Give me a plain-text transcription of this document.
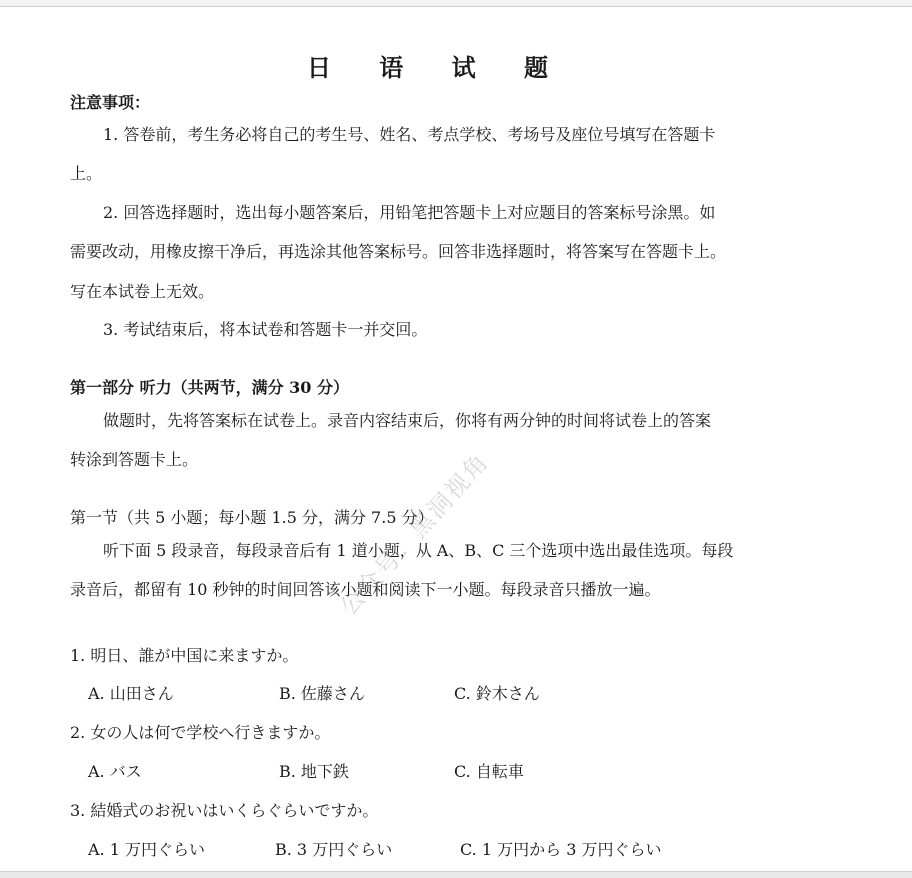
日 语 试 题
注意事项：
1. 答卷前，考生务必将自己的考生号、姓名、考点学校、考场号及座位号填写在答题卡
上。
2. 回答选择题时，选出每小题答案后，用铅笔把答题卡上对应题目的答案标号涂黑。如
需要改动，用橡皮擦干净后，再选涂其他答案标号。回答非选择题时，将答案写在答题卡上。
写在本试卷上无效。
3. 考试结束后，将本试卷和答题卡一并交回。
第一部分 听力（共两节，满分 30 分）
做题时，先将答案标在试卷上。录音内容结束后，你将有两分钟的时间将试卷上的答案
转涂到答题卡上。
第一节（共 5 小题；每小题 1.5 分，满分 7.5 分）
听下面 5 段录音，每段录音后有 1 道小题，从 A、B、C 三个选项中选出最佳选项。每段
录音后，都留有 10 秒钟的时间回答该小题和阅读下一小题。每段录音只播放一遍。
1. 明日、誰が中国に来ますか。
A. 山田さん	B. 佐藤さん	C. 鈴木さん
2. 女の人は何で学校へ行きますか。
A. バス	B. 地下鉄	C. 自転車
3. 結婚式のお祝いはいくらぐらいですか。
A. 1 万円ぐらい	B. 3 万円ぐらい	C. 1 万円から 3 万円ぐらい
公众号：黑洞视角
